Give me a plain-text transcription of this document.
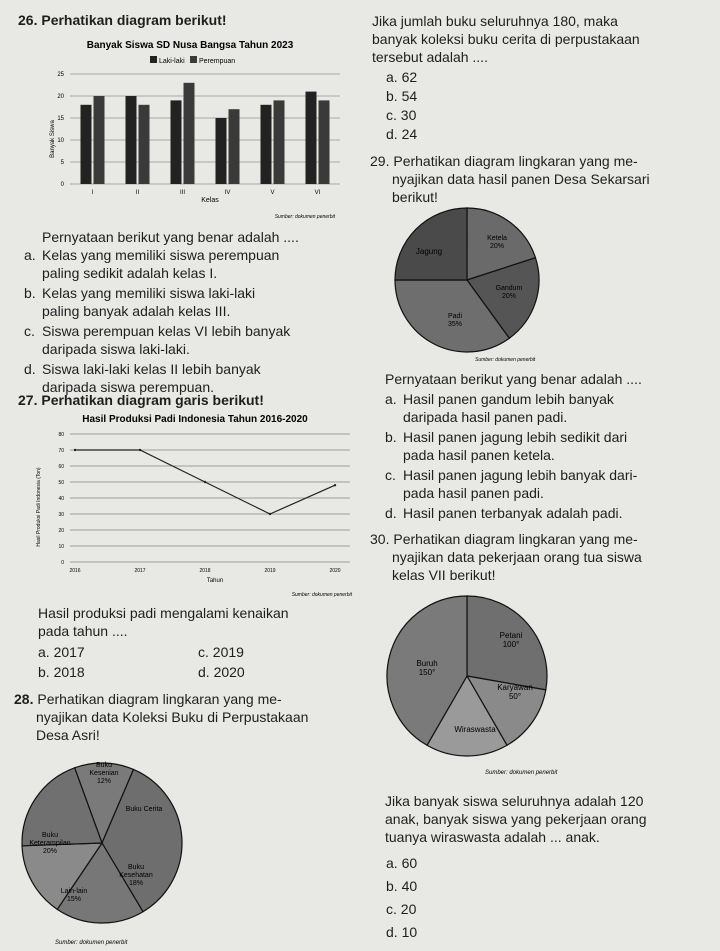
26. Perhatikan diagram berikut!
Banyak Siswa SD Nusa Bangsa Tahun 2023
Laki-laki Perempuan
0
5
10
15
20
25
I	II	III	IV	V	VI
Kelas
Banyak Siswa
Sumber: dokumen penerbit
Pernyataan berikut yang benar adalah ....
a. Kelas yang memiliki siswa perempuan
paling sedikit adalah kelas I.
b. Kelas yang memiliki siswa laki-laki
paling banyak adalah kelas III.
c. Siswa perempuan kelas VI lebih banyak
daripada siswa laki-laki.
d. Siswa laki-laki kelas II lebih banyak
daripada siswa perempuan.
27. Perhatikan diagram garis berikut!
Hasil Produksi Padi Indonesia Tahun 2016-2020
0
10
20
30
40
50
60
70
80
2016	2017	2018	2019	2020
Tahun
Hasil Produksi Padi Indonesia (Ton)
Sumber: dokumen penerbit
Hasil produksi padi mengalami kenaikan
pada tahun ....
a. 2017	c. 2019
b. 2018	d. 2020
28. Perhatikan diagram lingkaran yang me-
nyajikan data Koleksi Buku di Perpustakaan
Desa Asri!
Buku
Kesenian
12%
Buku Cerita
Buku
Kesehatan
18%
Lain-lain
15%
Buku
Keterampilan
20%
Sumber: dokumen penerbit
Jika jumlah buku seluruhnya 180, maka
banyak koleksi buku cerita di perpustakaan
tersebut adalah ....
a. 62
b. 54
c. 30
d. 24
29. Perhatikan diagram lingkaran yang me-
nyajikan data hasil panen Desa Sekarsari
berikut!
Ketela
20%
Gandum
20%
Padi
35%
Jagung
Sumber: dokumen penerbit
Pernyataan berikut yang benar adalah ....
a. Hasil panen gandum lebih banyak
daripada hasil panen padi.
b. Hasil panen jagung lebih sedikit dari
pada hasil panen ketela.
c. Hasil panen jagung lebih banyak dari-
pada hasil panen padi.
d. Hasil panen terbanyak adalah padi.
30. Perhatikan diagram lingkaran yang me-
nyajikan data pekerjaan orang tua siswa
kelas VII berikut!
Petani
100°
Karyawan
50°
Wiraswasta
Buruh
150°
Sumber: dokumen penerbit
Jika banyak siswa seluruhnya adalah 120
anak, banyak siswa yang pekerjaan orang
tuanya wiraswasta adalah ... anak.
a. 60
b. 40
c. 20
d. 10
